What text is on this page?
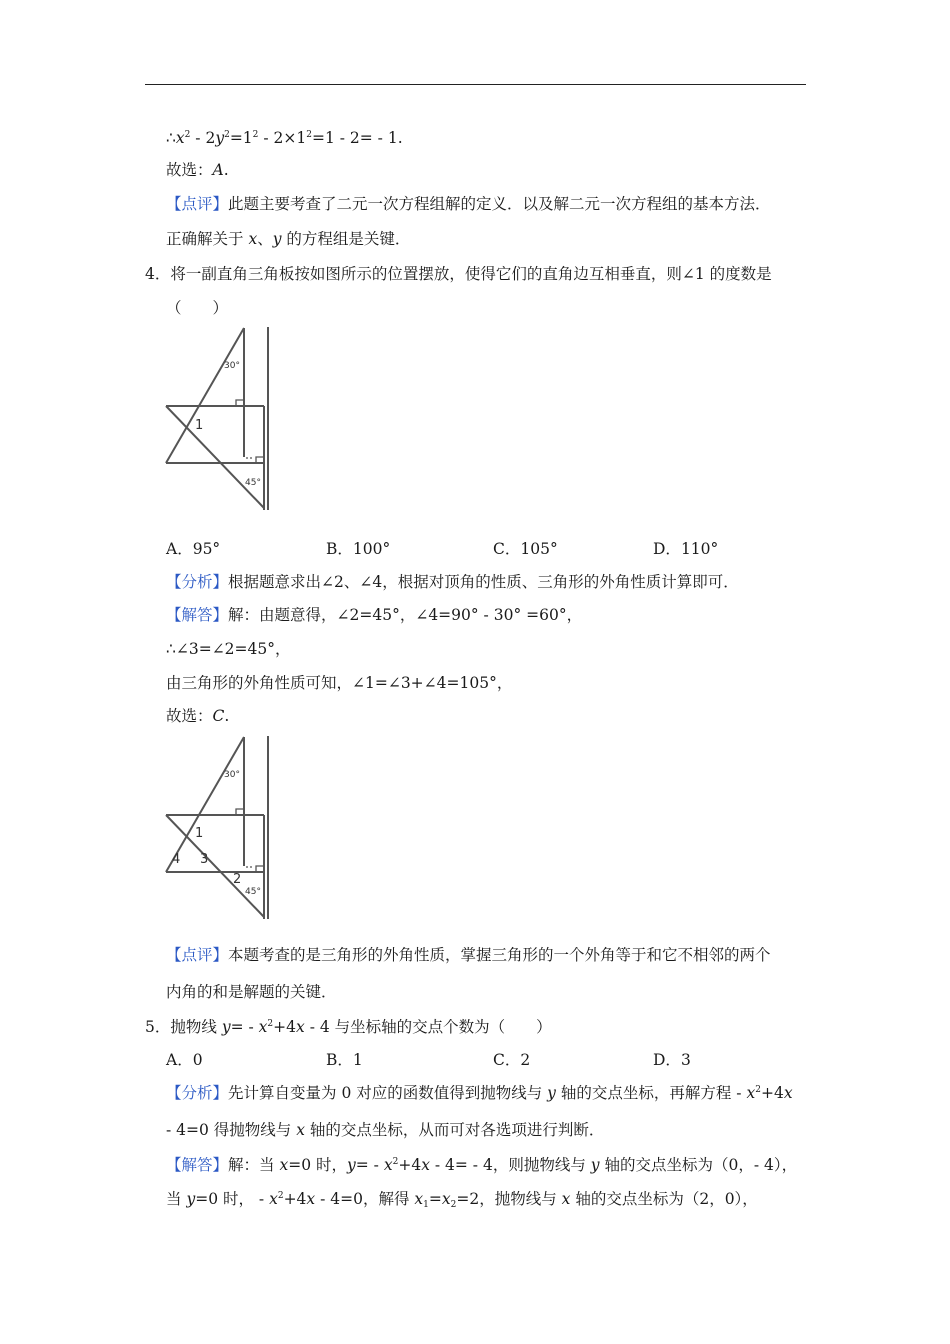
$\therefore x^2 - 2y^2=1^2 - 2\times 1^2=1 - 2= - 1$.
故选：A.
【点评】此题主要考查了二元一次方程组解的定义．以及解二元一次方程组的基本方法．
正确解关于 x、y 的方程组是关键．
4．将一副直角三角板按如图所示的位置摆放，使得它们的直角边互相垂直，则∠1 的度数是
（　　）
30°
1
45°
A．95°	B．100°	C．105°	D．110°
【分析】根据题意求出∠2、∠4，根据对顶角的性质、三角形的外角性质计算即可．
【解答】解：由题意得，∠2=45°，∠4=90° - 30° =60°，
∴∠3=∠2=45°，
由三角形的外角性质可知，∠1=∠3+∠4=105°，
故选：C.
30°
1
4 3
2
45°
【点评】本题考查的是三角形的外角性质，掌握三角形的一个外角等于和它不相邻的两个
内角的和是解题的关键．
5．抛物线 $y= - x^2+4x - 4$ 与坐标轴的交点个数为（　　）
A．0	B．1	C．2	D．3
【分析】先计算自变量为 0 对应的函数值得到抛物线与 y 轴的交点坐标，再解方程 - $x^2+4x$
- 4=0 得抛物线与 x 轴的交点坐标，从而可对各选项进行判断．
【解答】解：当 x=0 时，$y= - x^2+4x - 4= - 4$，则抛物线与 y 轴的交点坐标为（0，- 4），
当 y=0 时， - $x^2+4x - 4=0$，解得 $x_1=x_2=2$，抛物线与 x 轴的交点坐标为（2，0），
